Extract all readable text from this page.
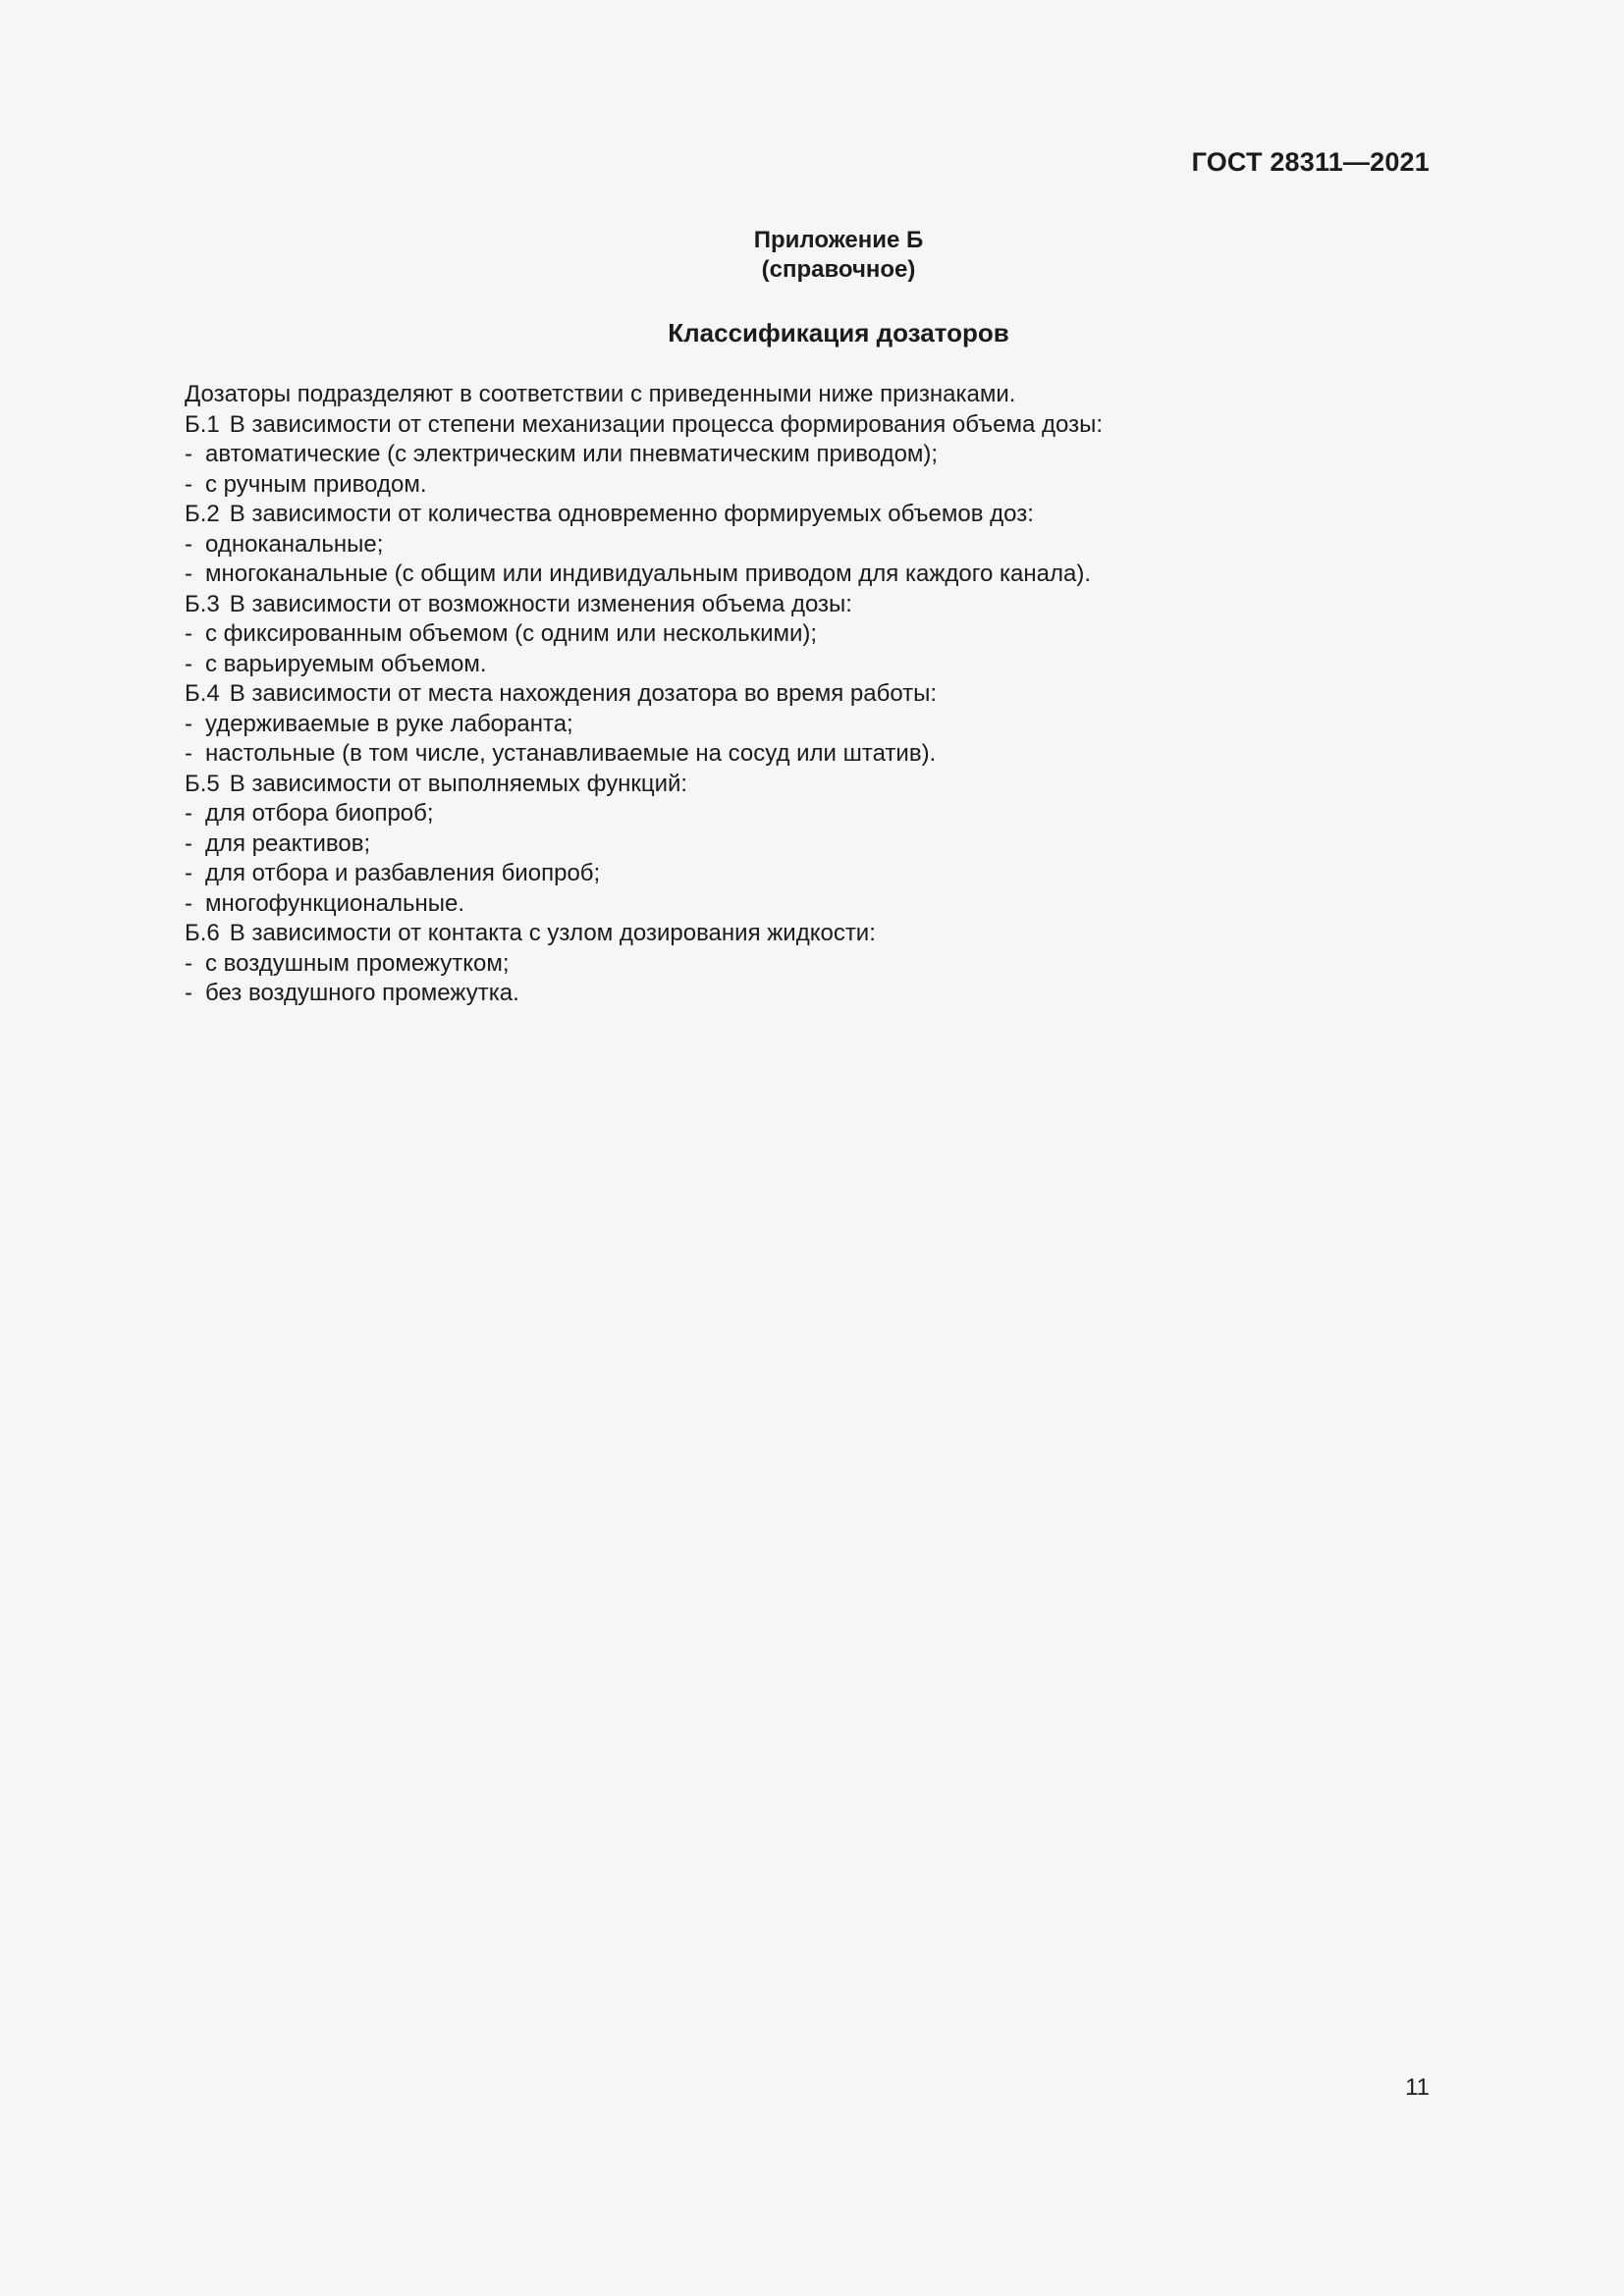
ГОСТ 28311—2021
Приложение Б
(справочное)
Классификация дозаторов
Дозаторы подразделяют в соответствии с приведенными ниже признаками.
Б.1 В зависимости от степени механизации процесса формирования объема дозы:
- автоматические (с электрическим или пневматическим приводом);
- с ручным приводом.
Б.2 В зависимости от количества одновременно формируемых объемов доз:
- одноканальные;
- многоканальные (с общим или индивидуальным приводом для каждого канала).
Б.3 В зависимости от возможности изменения объема дозы:
- с фиксированным объемом (с одним или несколькими);
- с варьируемым объемом.
Б.4 В зависимости от места нахождения дозатора во время работы:
- удерживаемые в руке лаборанта;
- настольные (в том числе, устанавливаемые на сосуд или штатив).
Б.5 В зависимости от выполняемых функций:
- для отбора биопроб;
- для реактивов;
- для отбора и разбавления биопроб;
- многофункциональные.
Б.6 В зависимости от контакта с узлом дозирования жидкости:
- с воздушным промежутком;
- без воздушного промежутка.
11
